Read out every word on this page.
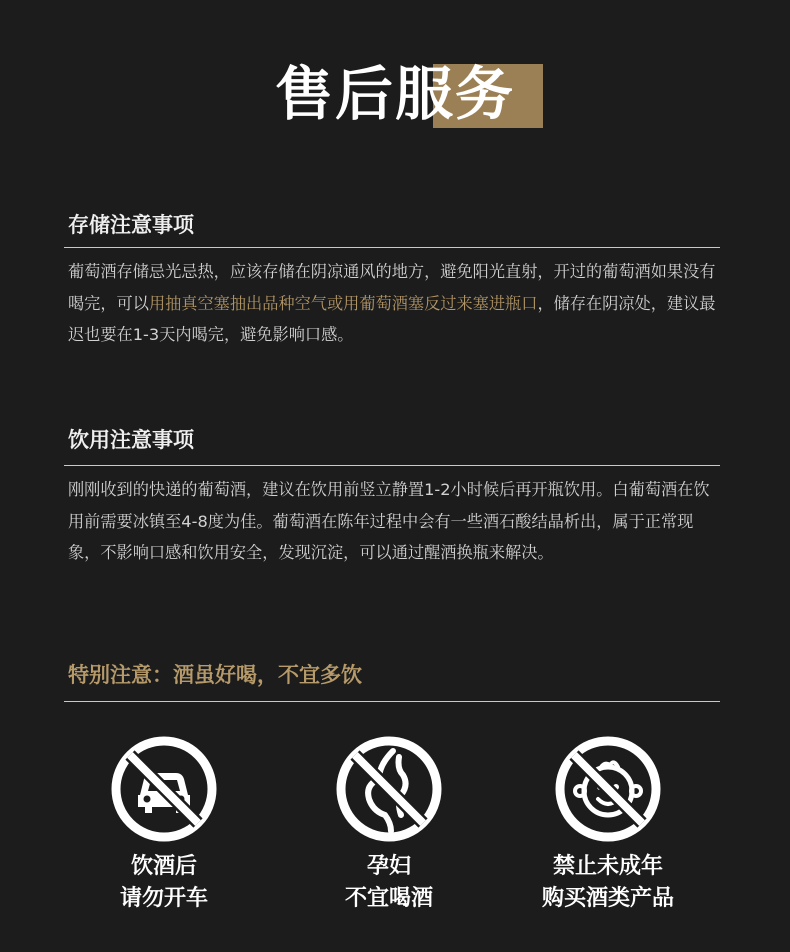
售后服务
存储注意事项
葡萄酒存储忌光忌热，应该存储在阴凉通风的地方，避免阳光直射，开过的葡萄酒如果没有喝完，可以用抽真空塞抽出品种空气或用葡萄酒塞反过来塞进瓶口，储存在阴凉处，建议最迟也要在1-3天内喝完，避免影响口感。
饮用注意事项
刚刚收到的快递的葡萄酒，建议在饮用前竖立静置1-2小时候后再开瓶饮用。白葡萄酒在饮用前需要冰镇至4-8度为佳。葡萄酒在陈年过程中会有一些酒石酸结晶析出，属于正常现象，不影响口感和饮用安全，发现沉淀，可以通过醒酒换瓶来解决。
特别注意：酒虽好喝，不宜多饮
饮酒后
请勿开车
孕妇
不宜喝酒
禁止未成年
购买酒类产品
